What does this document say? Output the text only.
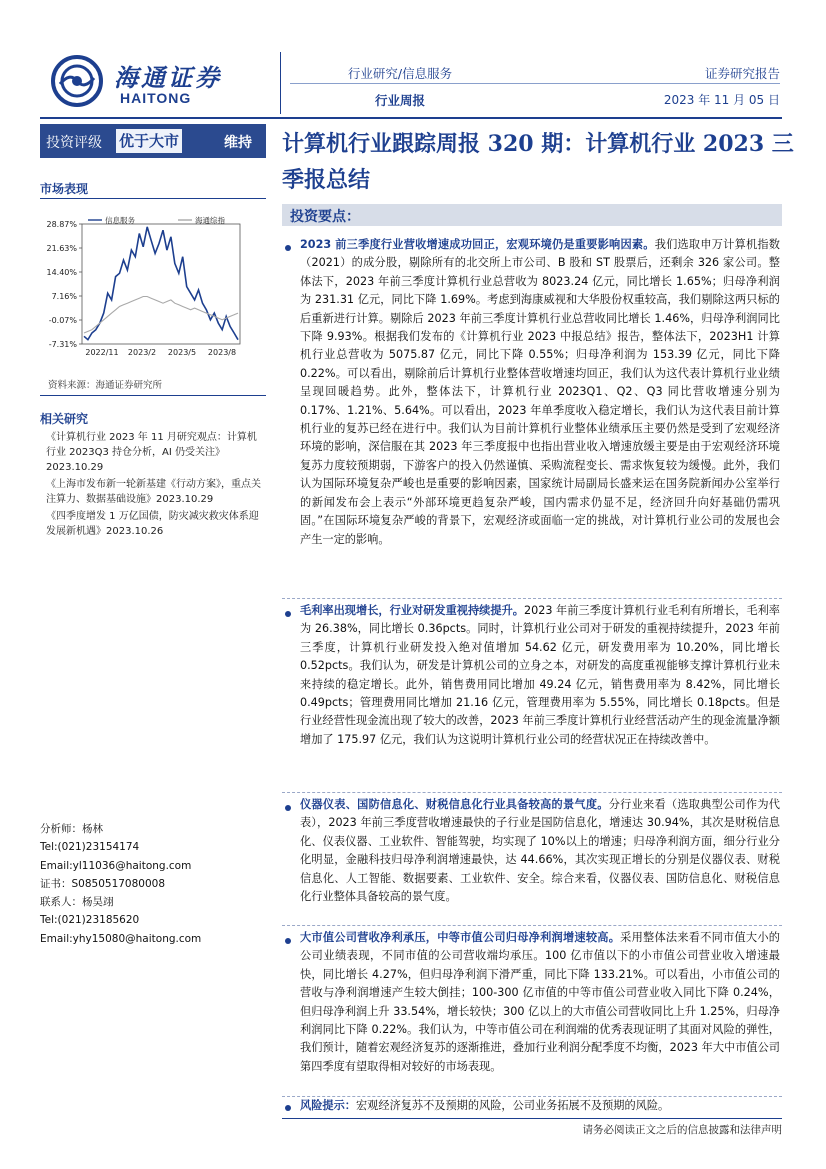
海通证券
HAITONG
行业研究/信息服务
行业周报
证券研究报告
2023 年 11 月 05 日
投资评级 优于大市	维持 计算机行业跟踪周报 320 期：计算机行业 2023 三季报总结
市场表现
28.87%
21.63%
14.40%
7.16%
-0.07%
-7.31%
2022/11 2023/2 2023/5 2023/8
信息服务	海通综指
资料来源：海通证券研究所
相关研究
《计算机行业 2023 年 11 月研究观点：计算机行业 2023Q3 持仓分析，AI 仍受关注》2023.10.29
《上海市发布新一轮新基建《行动方案》，重点关注算力、数据基础设施》2023.10.29
《四季度增发 1 万亿国债，防灾减灾救灾体系迎发展新机遇》2023.10.26
分析师：杨林
Tel:(021)23154174
Email:yl11036@haitong.com
证书：S0850517080008
联系人：杨昊翊
Tel:(021)23185620
Email:yhy15080@haitong.com
投资要点：
2023 前三季度行业营收增速成功回正，宏观环境仍是重要影响因素。我们选取申万计算机指数（2021）的成分股，剔除所有的北交所上市公司、B 股和 ST 股票后，还剩余 326 家公司。整体法下，2023 年前三季度计算机行业总营收为 8023.24 亿元，同比增长 1.65%；归母净利润为 231.31 亿元，同比下降 1.69%。考虑到海康威视和大华股份权重较高，我们剔除这两只标的后重新进行计算。剔除后 2023 年前三季度计算机行业总营收同比增长 1.46%，归母净利润同比下降 9.93%。根据我们发布的《计算机行业 2023 中报总结》报告，整体法下，2023H1 计算机行业总营收为 5075.87 亿元，同比下降 0.55%；归母净利润为 153.39 亿元，同比下降 0.22%。可以看出，剔除前后计算机行业整体营收增速均回正，我们认为这代表计算机行业业绩呈现回暖趋势。此外，整体法下，计算机行业 2023Q1、Q2、Q3 同比营收增速分别为 0.17%、1.21%、5.64%。可以看出，2023 年单季度收入稳定增长，我们认为这代表目前计算机行业的复苏已经在进行中。我们认为目前计算机行业整体业绩承压主要仍然是受到了宏观经济环境的影响，深信服在其 2023 年三季度报中也指出营业收入增速放缓主要是由于宏观经济环境复苏力度较预期弱，下游客户的投入仍然谨慎、采购流程变长、需求恢复较为缓慢。此外，我们认为国际环境复杂严峻也是重要的影响因素，国家统计局副局长盛来运在国务院新闻办公室举行的新闻发布会上表示“外部环境更趋复杂严峻，国内需求仍显不足，经济回升向好基础仍需巩固。”在国际环境复杂严峻的背景下，宏观经济或面临一定的挑战，对计算机行业公司的发展也会产生一定的影响。
毛利率出现增长，行业对研发重视持续提升。2023 年前三季度计算机行业毛利有所增长，毛利率为 26.38%，同比增长 0.36pcts。同时，计算机行业公司对于研发的重视持续提升，2023 年前三季度，计算机行业研发投入绝对值增加 54.62 亿元，研发费用率为 10.20%，同比增长 0.52pcts。我们认为，研发是计算机公司的立身之本，对研发的高度重视能够支撑计算机行业未来持续的稳定增长。此外，销售费用同比增加 49.24 亿元，销售费用率为 8.42%，同比增长 0.49pcts；管理费用同比增加 21.16 亿元，管理费用率为 5.55%，同比增长 0.18pcts。但是行业经营性现金流出现了较大的改善，2023 年前三季度计算机行业经营活动产生的现金流量净额增加了 175.97 亿元，我们认为这说明计算机行业公司的经营状况正在持续改善中。
仪器仪表、国防信息化、财税信息化行业具备较高的景气度。分行业来看（选取典型公司作为代表），2023 年前三季度营收增速最快的子行业是国防信息化，增速达 30.94%，其次是财税信息化、仪表仪器、工业软件、智能驾驶，均实现了 10%以上的增速；归母净利润方面，细分行业分化明显，金融科技归母净利润增速最快，达 44.66%，其次实现正增长的分别是仪器仪表、财税信息化、人工智能、数据要素、工业软件、安全。综合来看，仪器仪表、国防信息化、财税信息化行业整体具备较高的景气度。
大市值公司营收净利承压，中等市值公司归母净利润增速较高。采用整体法来看不同市值大小的公司业绩表现，不同市值的公司营收端均承压。100 亿市值以下的小市值公司营业收入增速最快，同比增长 4.27%，但归母净利润下滑严重，同比下降 133.21%。可以看出，小市值公司的营收与净利润增速产生较大倒挂；100-300 亿市值的中等市值公司营业收入同比下降 0.24%，但归母净利润上升 33.54%，增长较快；300 亿以上的大市值公司营收同比上升 1.25%，归母净利润同比下降 0.22%。我们认为，中等市值公司在利润端的优秀表现证明了其面对风险的弹性，我们预计，随着宏观经济复苏的逐渐推进，叠加行业利润分配季度不均衡，2023 年大中市值公司第四季度有望取得相对较好的市场表现。
风险提示：宏观经济复苏不及预期的风险，公司业务拓展不及预期的风险。
请务必阅读正文之后的信息披露和法律声明
